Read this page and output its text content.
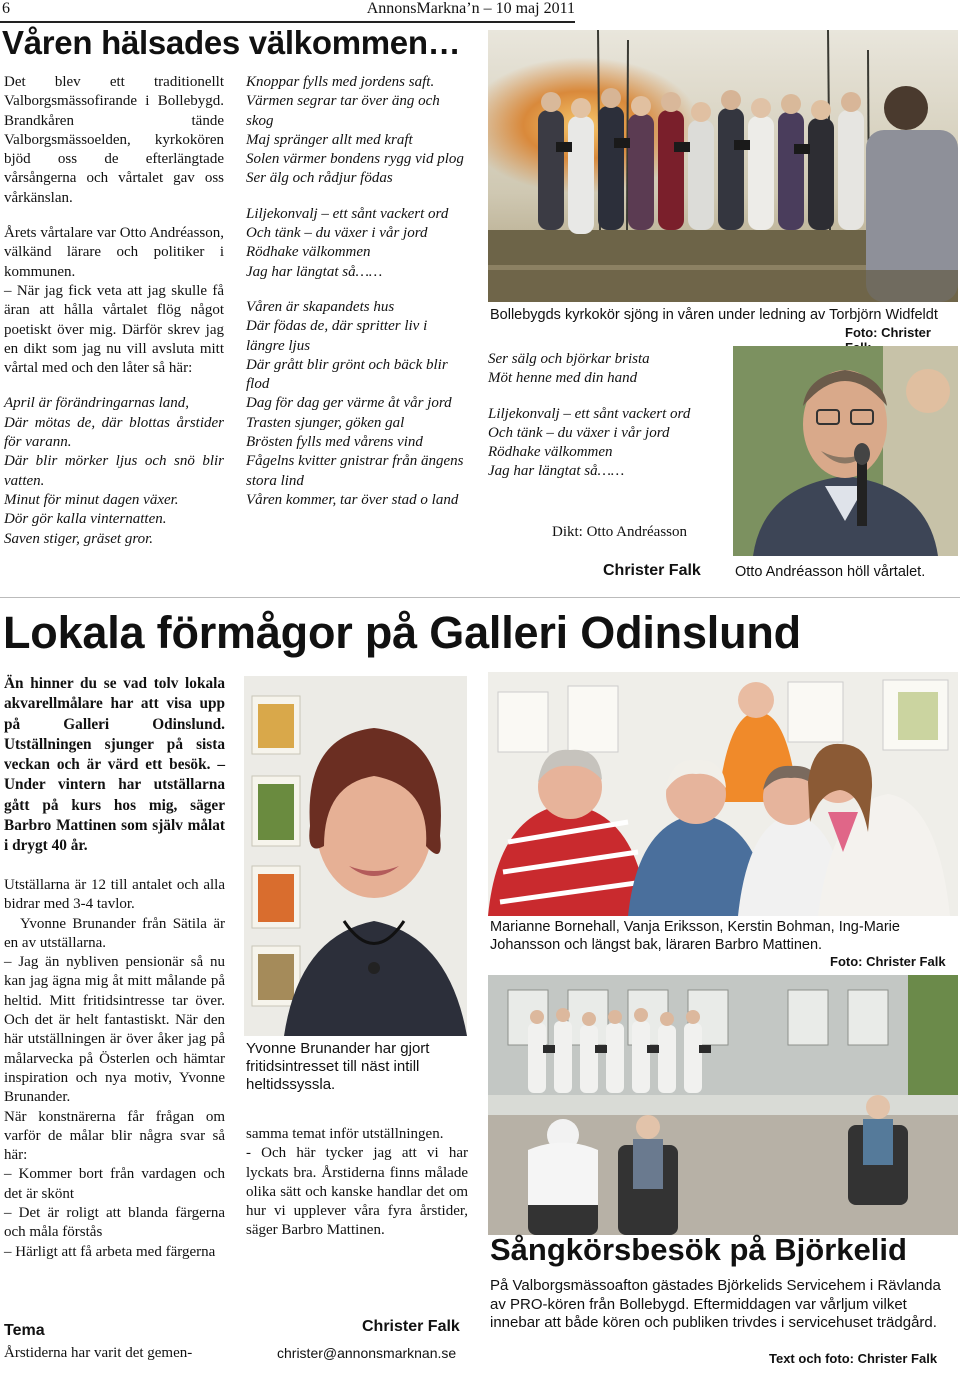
6	AnnonsMarkna’n – 10 maj 2011
Våren hälsades välkommen…

Det blev ett traditionellt Valborgsmässofirande i Bollebygd. Brandkåren tände Valborgsmässoelden, kyrkokören bjöd oss de efterlängtade vårsångerna och vårtalet gav oss vårkänslan.

Årets vårtalare var Otto Andréasson, välkänd lärare och politiker i kommunen.

– När jag fick veta att jag skulle få äran att hålla vårtalet flög något poetiskt över mig. Därför skrev jag en dikt som jag nu vill avsluta mitt vårtal med och den låter så här:

April är förändringarnas land,

Där mötas de, där blottas årstider för varann.

Där blir mörker ljus och snö blir vatten.

Minut för minut dagen växer.

Dör gör kalla vinternatten.

Saven stiger, gräset gror.

Knoppar fylls med jordens saft.

Värmen segrar tar över äng och skog

Maj spränger allt med kraft

Solen värmer bondens rygg vid plog

Ser älg och rådjur födas

Liljekonvalj – ett sånt vackert ord

Och tänk – du växer i vår jord

Rödhake välkommen

Jag har längtat så……

Våren är skapandets hus

Där födas de, där spritter liv i längre ljus

Där grått blir grönt och bäck blir flod

Dag för dag ger värme åt vår jord

Trasten sjunger, göken gal

Brösten fylls med vårens vind

Fågelns kvitter gnistrar från ängens stora lind

Våren kommer, tar över stad o land

Bollebygds kyrkokör sjöng in våren under ledning av Torbjörn Widfeldt
Foto: Christer

Ser sälg och björkar brista

Möt henne med din hand

Liljekonvalj – ett sånt vackert ord

Och tänk – du växer i vår jord

Rödhake välkommen

Jag har längtat så……

Dikt: Otto Andréasson
Christer Falk Otto Andréasson höll vårtalet.
Lokala förmågor på Galleri Odinslund
Än hinner du se vad tolv lokala akvarellmålare har att visa upp på Galleri Odinslund. Utställningen sjunger på sista veckan och är värd ett besök. – Under vintern har utställarna gått på kurs hos mig, säger Barbro Mattinen som själv målat i drygt 40 år.

Utställarna är 12 till antalet och alla bidrar med 3-4 tavlor.

Yvonne Brunander från Sätila är en av utställarna.

– Jag än nybliven pensionär så nu kan jag ägna mig åt mitt målande på heltid. Mitt fritidsintresse tar över. Och det är helt fantastiskt. När den här utställningen är över åker jag på målarvecka på Österlen och hämtar inspiration och nya motiv, Yvonne Brunander.

När konstnärerna får frågan om varför de målar blir några svar så här:

– Kommer bort från vardagen och det är skönt

– Det är roligt att blanda färgerna och måla förstås

– Härligt att få arbeta med färgerna

Tema
Årstiderna har varit det gemen-
Yvonne Brunander har gjort fritidsintresset till näst intill heltidssyssla.

samma temat inför utställningen.

- Och här tycker jag att vi har lyckats bra. Årstiderna finns målade olika sätt och kanske handlar det om hur vi upplever våra fyra årstider, säger Barbro Mattinen.

Christer Falk
christer@annonsmarknan.se
Marianne Bornehall, Vanja Eriksson, Kerstin Bohman, Ing-Marie Johansson och längst bak, läraren Barbro Mattinen.
Foto: Christer Falk
Sångkörsbesök på Björkelid
På Valborgsmässoafton gästades Björkelids Servicehem i Rävlanda av PRO-kören från Bollebygd. Eftermiddagen var vårljum vilket innebar att både kören och publiken trivdes i servicehuset trädgård.
Text och foto: Christer Falk
